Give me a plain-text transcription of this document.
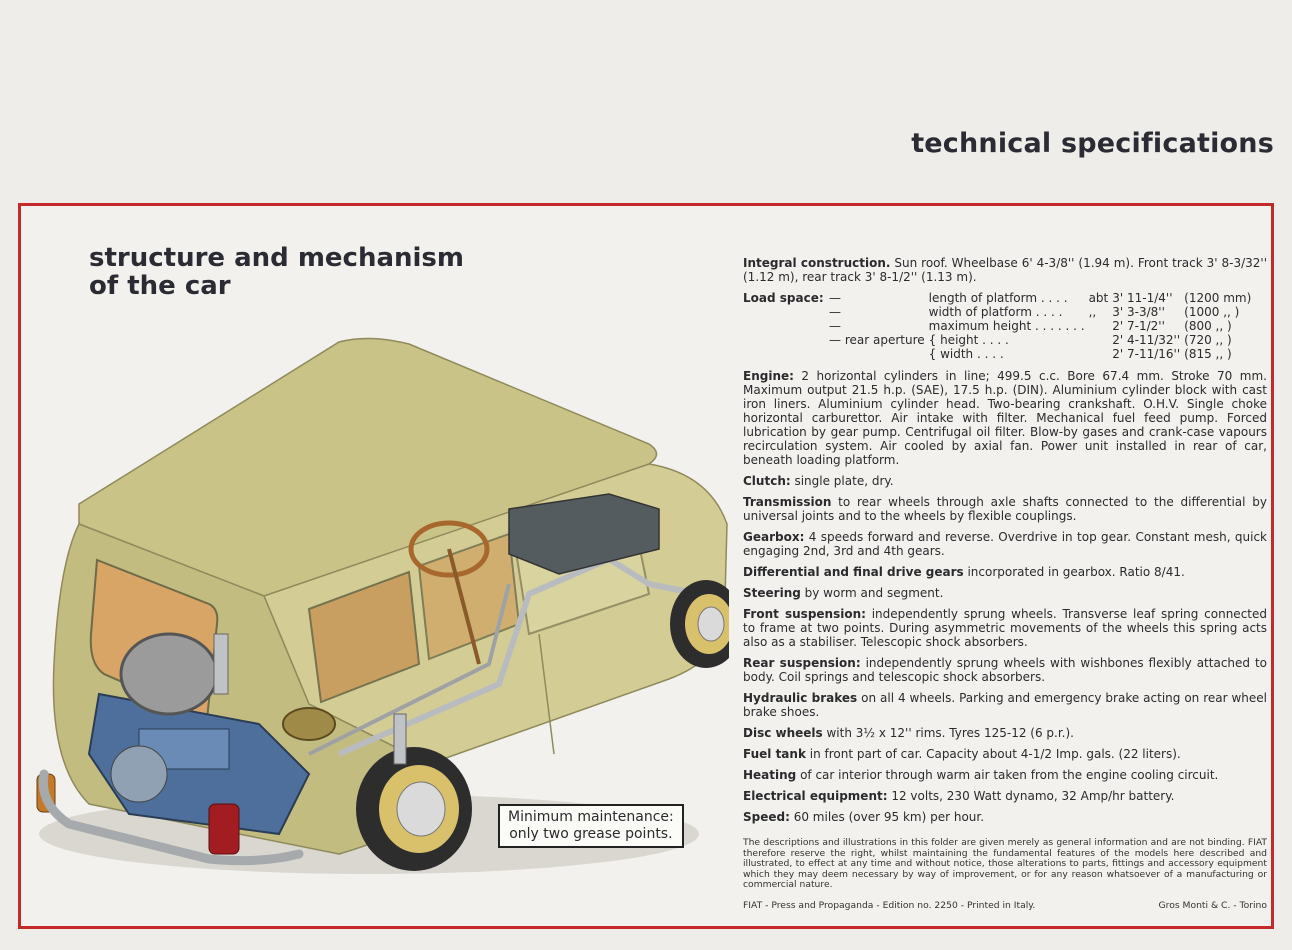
technical specifications
structure and mechanism
of the car
Minimum maintenance:
only two grease points.

Integral construction. Sun roof. Wheelbase 6' 4-3/8'' (1.94 m). Front track 3' 8-3/32'' (1.12 m), rear track 3' 8-1/2'' (1.13 m).

Load space: —	length of platform . . . .	abt	3' 11-1/4''	(1200 mm)
—	width of platform . . . .	,,	3' 3-3/8''	(1000 ,, )
—	maximum height . . . . . . .		2' 7-1/2''	(800 ,, )
— rear aperture	{ height . . . .		2' 4-11/32''	(720 ,, )
	{ width . . . .		2' 7-11/16''	(815 ,, )

Engine: 2 horizontal cylinders in line; 499.5 c.c. Bore 67.4 mm. Stroke 70 mm. Maximum output 21.5 h.p. (SAE), 17.5 h.p. (DIN). Aluminium cylinder block with cast iron liners. Aluminium cylinder head. Two-bearing crankshaft. O.H.V. Single choke horizontal carburettor. Air intake with filter. Mechanical fuel feed pump. Forced lubrication by gear pump. Centrifugal oil filter. Blow-by gases and crank-case vapours recirculation system. Air cooled by axial fan. Power unit installed in rear of car, beneath loading platform.

Clutch: single plate, dry.

Transmission to rear wheels through axle shafts connected to the differential by universal joints and to the wheels by flexible couplings.

Gearbox: 4 speeds forward and reverse. Overdrive in top gear. Constant mesh, quick engaging 2nd, 3rd and 4th gears.

Differential and final drive gears incorporated in gearbox. Ratio 8/41.

Steering by worm and segment.

Front suspension: independently sprung wheels. Transverse leaf spring connected to frame at two points. During asymmetric movements of the wheels this spring acts also as a stabiliser. Telescopic shock absorbers.

Rear suspension: independently sprung wheels with wishbones flexibly attached to body. Coil springs and telescopic shock absorbers.

Hydraulic brakes on all 4 wheels. Parking and emergency brake acting on rear wheel brake shoes.

Disc wheels with 3½ x 12'' rims. Tyres 125-12 (6 p.r.).

Fuel tank in front part of car. Capacity about 4-1/2 Imp. gals. (22 liters).

Heating of car interior through warm air taken from the engine cooling circuit.

Electrical equipment: 12 volts, 230 Watt dynamo, 32 Amp/hr battery.

Speed: 60 miles (over 95 km) per hour.

The descriptions and illustrations in this folder are given merely as general information and are not binding. FIAT therefore reserve the right, whilst maintaining the fundamental features of the models here described and illustrated, to effect at any time and without notice, those alterations to parts, fittings and accessory equipment which they may deem necessary by way of improvement, or for any reason whatsoever of a manufacturing or commercial nature.
FIAT - Press and Propaganda - Edition no. 2250 - Printed in Italy.	Gros Monti & C. - Torino
